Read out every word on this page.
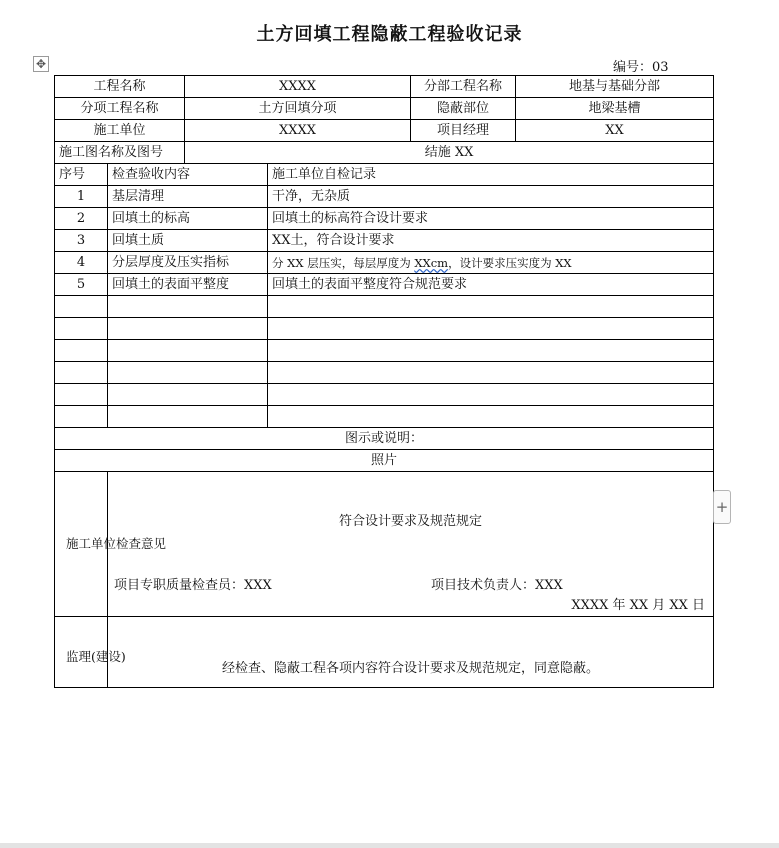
土方回填工程隐蔽工程验收记录
✥	编号：03
工程名称		XXXX		分部工程名称	地基与基础分部
分项工程名称		土方回填分项		隐蔽部位	地梁基槽
施工单位		XXXX		项目经理	XX
施工图名称及图号		结施 XX			
序号	检查验收内容		施工单位自检记录		
1	基层清理		干净，无杂质		
2	回填土的标高		回填土的标高符合设计要求		
3	回填土质		XX土，符合设计要求		
4	分层厚度及压实指标		分 XX 层压实，每层厚度为 XXcm，设计要求压实度为 XX		
5	回填土的表面平整度		回填土的表面平整度符合规范要求		

图示或说明：					
照片					
施工单位检查意见	符合设计要求及规范规定
项目专职质量检查员：XXX 项目技术负责人：XXX
XXXX 年 XX 月 XX 日				

监理(建设)	经检查、隐蔽工程各项内容符合设计要求及规范规定，同意隐蔽。				
+
